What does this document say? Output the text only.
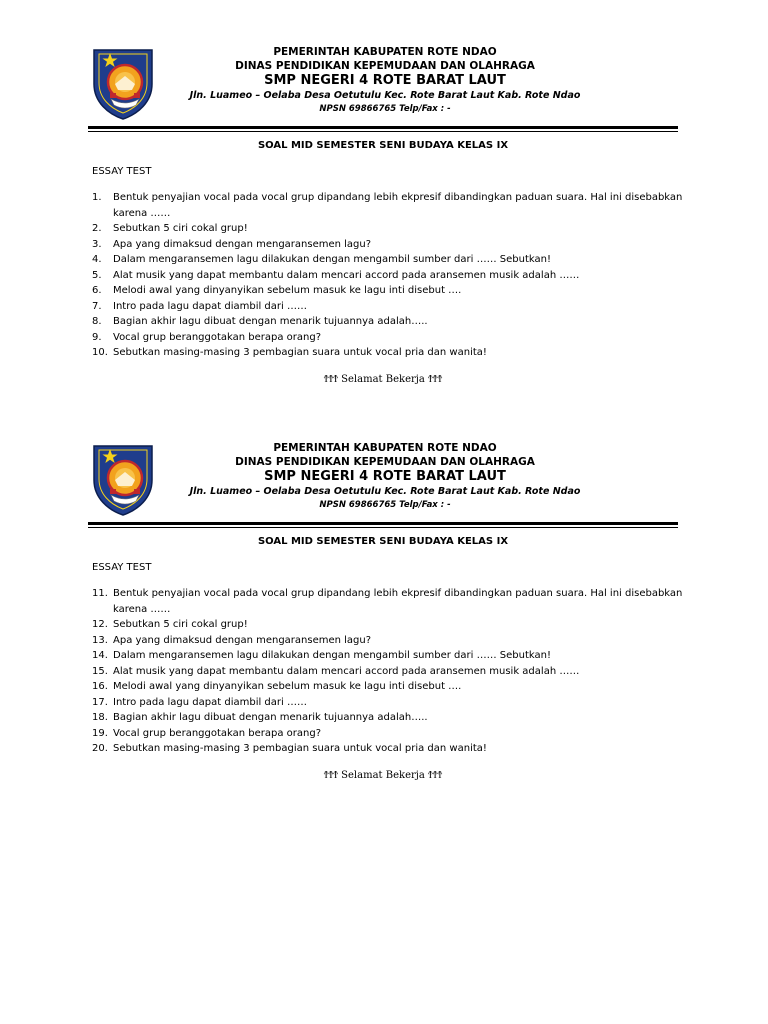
PEMERINTAH KABUPATEN ROTE NDAO
DINAS PENDIDIKAN KEPEMUDAAN DAN OLAHRAGA
SMP NEGERI 4 ROTE BARAT LAUT
Jln. Luameo – Oelaba Desa Oetutulu Kec. Rote Barat Laut Kab. Rote Ndao
NPSN 69866765 Telp/Fax : -
SOAL MID SEMESTER SENI BUDAYA KELAS IX
ESSAY TEST
1. Bentuk penyajian vocal pada vocal grup dipandang lebih ekpresif dibandingkan paduan suara. Hal ini disebabkan karena ……
2. Sebutkan 5 ciri cokal grup!
3. Apa yang dimaksud dengan mengaransemen lagu?
4. Dalam mengaransemen lagu dilakukan dengan mengambil sumber dari …… Sebutkan!
5. Alat musik yang dapat membantu dalam mencari accord pada aransemen musik adalah ……
6. Melodi awal yang dinyanyikan sebelum masuk ke lagu inti disebut ….
7. Intro pada lagu dapat diambil dari ……
8. Bagian akhir lagu dibuat dengan menarik tujuannya adalah…..
9. Vocal grup beranggotakan berapa orang?
10. Sebutkan masing-masing 3 pembagian suara untuk vocal pria dan wanita!
ϮϮϮ Selamat Bekerja ϮϮϮ
PEMERINTAH KABUPATEN ROTE NDAO
DINAS PENDIDIKAN KEPEMUDAAN DAN OLAHRAGA
SMP NEGERI 4 ROTE BARAT LAUT
Jln. Luameo – Oelaba Desa Oetutulu Kec. Rote Barat Laut Kab. Rote Ndao
NPSN 69866765 Telp/Fax : -
SOAL MID SEMESTER SENI BUDAYA KELAS IX
ESSAY TEST
11. Bentuk penyajian vocal pada vocal grup dipandang lebih ekpresif dibandingkan paduan suara. Hal ini disebabkan karena ……
12. Sebutkan 5 ciri cokal grup!
13. Apa yang dimaksud dengan mengaransemen lagu?
14. Dalam mengaransemen lagu dilakukan dengan mengambil sumber dari …… Sebutkan!
15. Alat musik yang dapat membantu dalam mencari accord pada aransemen musik adalah ……
16. Melodi awal yang dinyanyikan sebelum masuk ke lagu inti disebut ….
17. Intro pada lagu dapat diambil dari ……
18. Bagian akhir lagu dibuat dengan menarik tujuannya adalah…..
19. Vocal grup beranggotakan berapa orang?
20. Sebutkan masing-masing 3 pembagian suara untuk vocal pria dan wanita!
ϮϮϮ Selamat Bekerja ϮϮϮ
